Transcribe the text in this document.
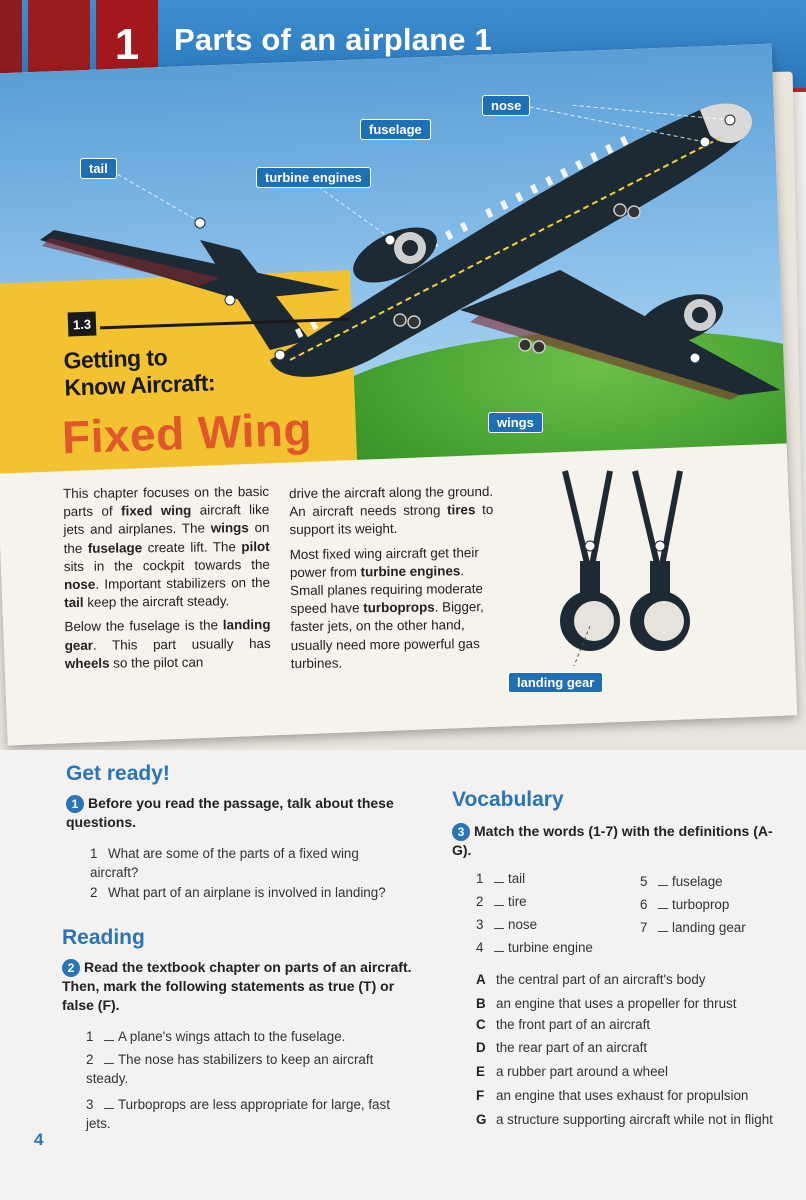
1	Parts of an airplane 1
nose
fuselage
tail
turbine engines
wings
1.3
Getting to
Know Aircraft:
Fixed Wing

This chapter focuses on the basic parts of fixed wing aircraft like jets and airplanes. The wings on the fuselage create lift. The pilot sits in the cockpit towards the nose. Important stabilizers on the tail keep the aircraft steady.

Below the fuselage is the landing gear. This part usually has wheels so the pilot can

drive the aircraft along the ground. An aircraft needs strong tires to support its weight.

Most fixed wing aircraft get their power from turbine engines. Small planes requiring moderate speed have turboprops. Bigger, faster jets, on the other hand, usually need more powerful gas turbines.

landing gear
Get ready!
1 Before you read the passage, talk about these questions.
1 What are some of the parts of a fixed wing aircraft?
2 What part of an airplane is involved in landing?
Reading
2 Read the textbook chapter on parts of an aircraft. Then, mark the following statements as true (T) or false (F).
1 A plane's wings attach to the fuselage.
2 The nose has stabilizers to keep an aircraft steady.
3 Turboprops are less appropriate for large, fast jets.
Vocabulary
3 Match the words (1-7) with the definitions (A-G).
1 tail
2 tire
3 nose
4 turbine engine
5 fuselage
6 turboprop
7 landing gear
A the central part of an aircraft's body
B an engine that uses a propeller for thrust
C the front part of an aircraft
D the rear part of an aircraft
E a rubber part around a wheel
F an engine that uses exhaust for propulsion
G a structure supporting aircraft while not in flight
4
